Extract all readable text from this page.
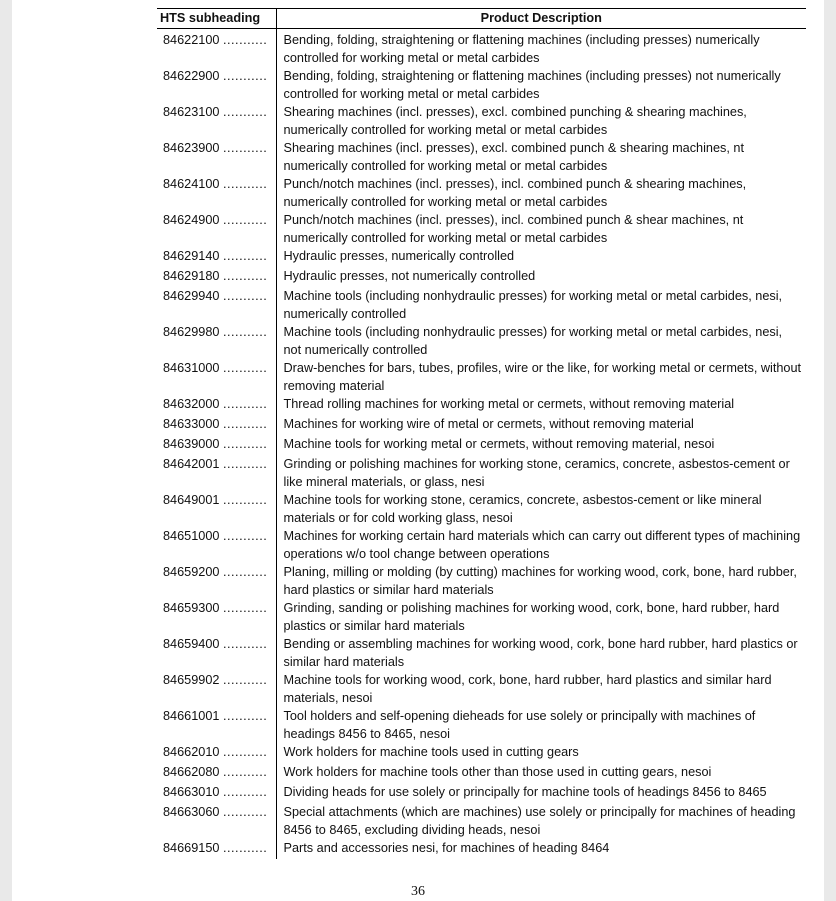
HTS subheading	Product Description
84622100 ...........	Bending, folding, straightening or flattening machines (including presses) numerically controlled for working metal or metal carbides
84622900 ...........	Bending, folding, straightening or flattening machines (including presses) not numerically controlled for working metal or metal carbides
84623100 ...........	Shearing machines (incl. presses), excl. combined punching & shearing machines, numerically controlled for working metal or metal carbides
84623900 ...........	Shearing machines (incl. presses), excl. combined punch & shearing machines, nt numerically controlled for working metal or metal carbides
84624100 ...........	Punch/notch machines (incl. presses), incl. combined punch & shearing machines, numerically controlled for working metal or metal carbides
84624900 ...........	Punch/notch machines (incl. presses), incl. combined punch & shear machines, nt numerically controlled for working metal or metal carbides
84629140 ...........	Hydraulic presses, numerically controlled
84629180 ...........	Hydraulic presses, not numerically controlled
84629940 ...........	Machine tools (including nonhydraulic presses) for working metal or metal carbides, nesi, numerically controlled
84629980 ...........	Machine tools (including nonhydraulic presses) for working metal or metal carbides, nesi, not numerically controlled
84631000 ...........	Draw-benches for bars, tubes, profiles, wire or the like, for working metal or cermets, without removing material
84632000 ...........	Thread rolling machines for working metal or cermets, without removing material
84633000 ...........	Machines for working wire of metal or cermets, without removing material
84639000 ...........	Machine tools for working metal or cermets, without removing material, nesoi
84642001 ...........	Grinding or polishing machines for working stone, ceramics, concrete, asbestos-cement or like mineral materials, or glass, nesi
84649001 ...........	Machine tools for working stone, ceramics, concrete, asbestos-cement or like mineral materials or for cold working glass, nesoi
84651000 ...........	Machines for working certain hard materials which can carry out different types of machining operations w/o tool change between operations
84659200 ...........	Planing, milling or molding (by cutting) machines for working wood, cork, bone, hard rubber, hard plastics or similar hard materials
84659300 ...........	Grinding, sanding or polishing machines for working wood, cork, bone, hard rubber, hard plastics or similar hard materials
84659400 ...........	Bending or assembling machines for working wood, cork, bone hard rubber, hard plastics or similar hard materials
84659902 ...........	Machine tools for working wood, cork, bone, hard rubber, hard plastics and similar hard materials, nesoi
84661001 ...........	Tool holders and self-opening dieheads for use solely or principally with machines of headings 8456 to 8465, nesoi
84662010 ...........	Work holders for machine tools used in cutting gears
84662080 ...........	Work holders for machine tools other than those used in cutting gears, nesoi
84663010 ...........	Dividing heads for use solely or principally for machine tools of headings 8456 to 8465
84663060 ...........	Special attachments (which are machines) use solely or principally for machines of heading 8456 to 8465, excluding dividing heads, nesoi
84669150 ...........	Parts and accessories nesi, for machines of heading 8464
36
